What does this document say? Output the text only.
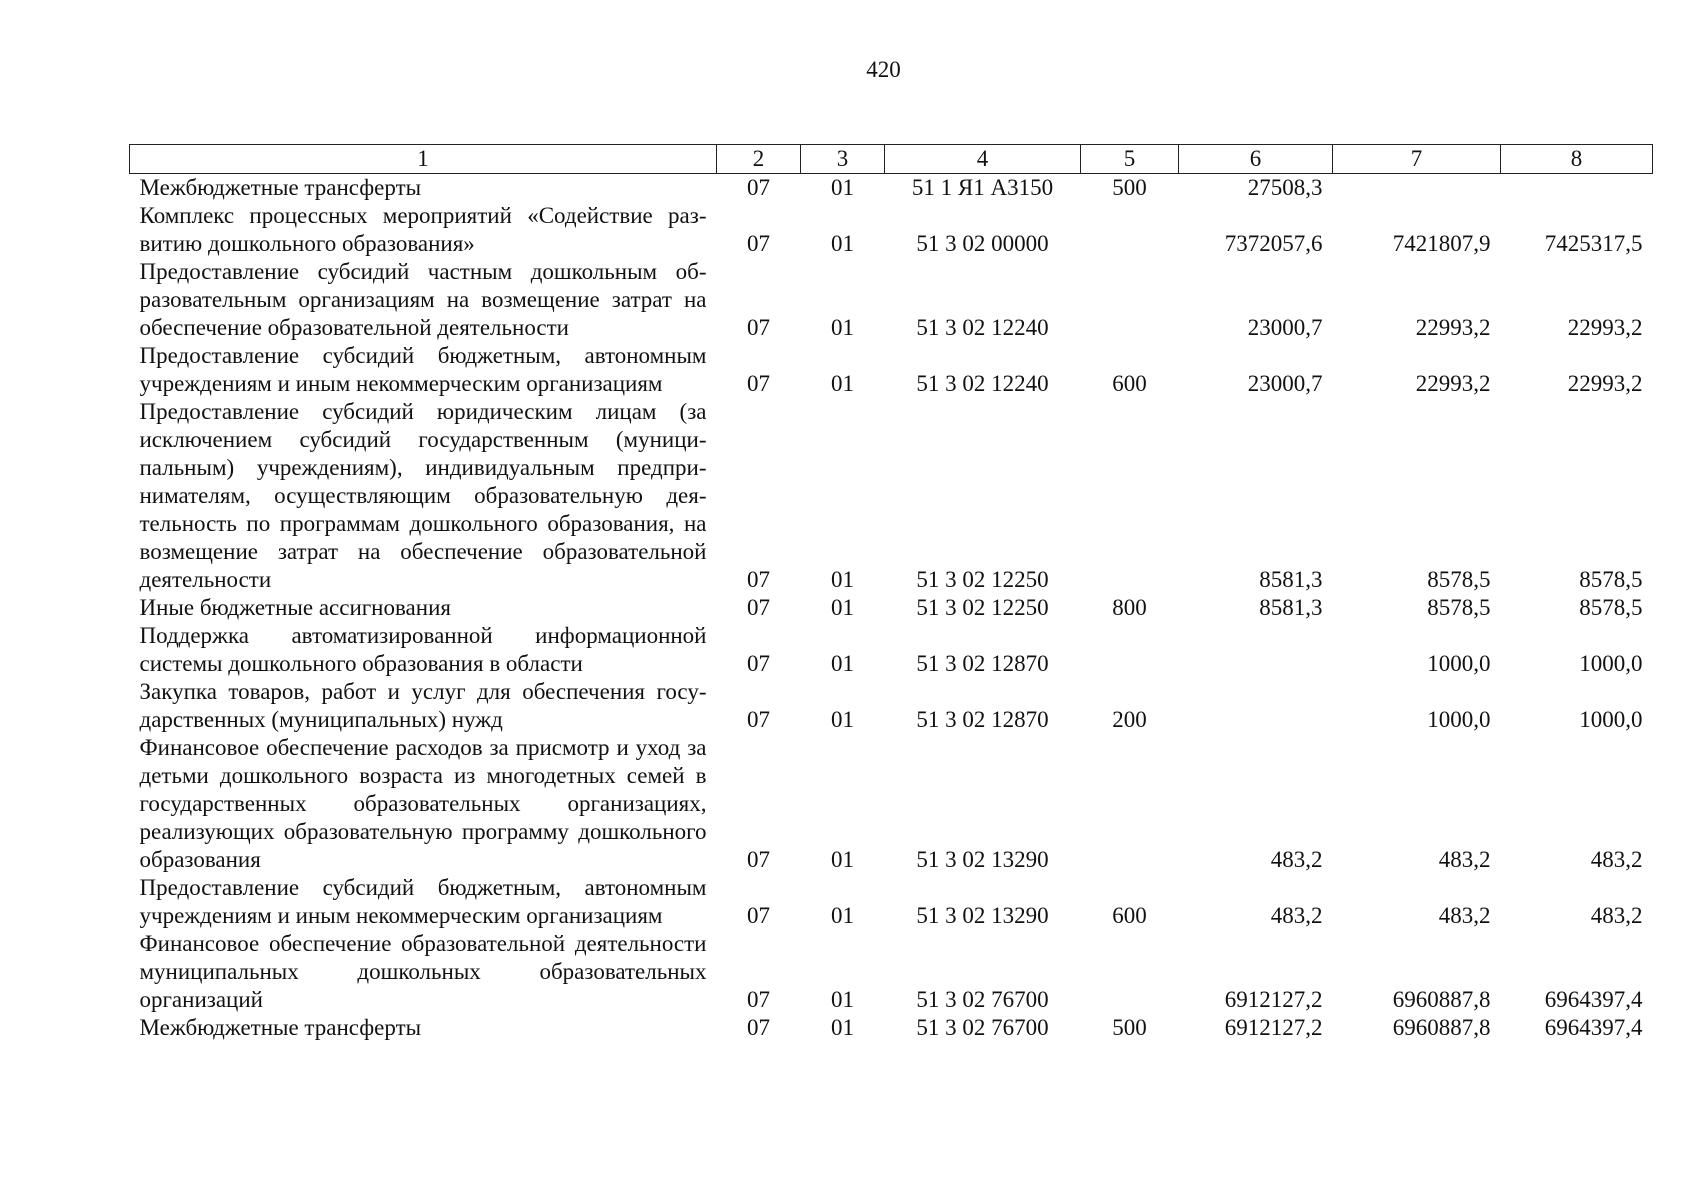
420
1	2	3	4	5	6	7	8
Межбюджетные трансферты	07	01	51 1 Я1 А3150	500	27508,3		
Комплекс процессных мероприятий «Содействие развитию дошкольного образования»	07	01	51 3 02 00000		7372057,6	7421807,9	7425317,5
Предоставление субсидий частным дошкольным образовательным организациям на возмещение затрат на обеспечение образовательной деятельности	07	01	51 3 02 12240		23000,7	22993,2	22993,2
Предоставление субсидий бюджетным, автономным учреждениям и иным некоммерческим организациям	07	01	51 3 02 12240	600	23000,7	22993,2	22993,2
Предоставление субсидий юридическим лицам (за исключением субсидий государственным (муниципальным) учреждениям), индивидуальным предпринимателям, осуществляющим образовательную деятельность по программам дошкольного образования, на возмещение затрат на обеспечение образовательной деятельности	07	01	51 3 02 12250		8581,3	8578,5	8578,5
Иные бюджетные ассигнования	07	01	51 3 02 12250	800	8581,3	8578,5	8578,5
Поддержка автоматизированной информационной системы дошкольного образования в области	07	01	51 3 02 12870			1000,0	1000,0
Закупка товаров, работ и услуг для обеспечения государственных (муниципальных) нужд	07	01	51 3 02 12870	200		1000,0	1000,0
Финансовое обеспечение расходов за присмотр и уход за детьми дошкольного возраста из многодетных семей в государственных образовательных организациях, реализующих образовательную программу дошкольного образования	07	01	51 3 02 13290		483,2	483,2	483,2
Предоставление субсидий бюджетным, автономным учреждениям и иным некоммерческим организациям	07	01	51 3 02 13290	600	483,2	483,2	483,2
Финансовое обеспечение образовательной деятельности муниципальных дошкольных образовательных организаций	07	01	51 3 02 76700		6912127,2	6960887,8	6964397,4
Межбюджетные трансферты	07	01	51 3 02 76700	500	6912127,2	6960887,8	6964397,4
